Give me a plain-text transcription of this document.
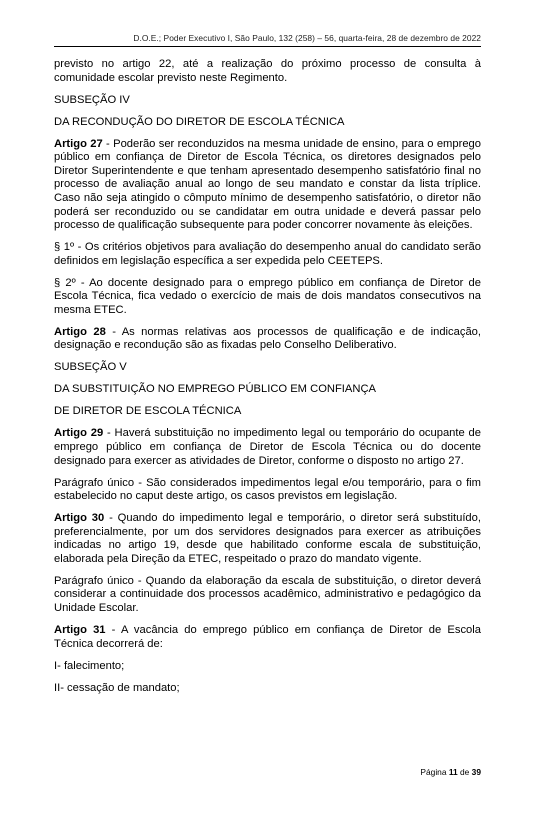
D.O.E.; Poder Executivo I, São Paulo, 132 (258) – 56, quarta-feira, 28 de dezembro de 2022

previsto no artigo 22, até a realização do próximo processo de consulta à comunidade escolar previsto neste Regimento.

SUBSEÇÃO IV

DA RECONDUÇÃO DO DIRETOR DE ESCOLA TÉCNICA

Artigo 27 - Poderão ser reconduzidos na mesma unidade de ensino, para o emprego público em confiança de Diretor de Escola Técnica, os diretores designados pelo Diretor Superintendente e que tenham apresentado desempenho satisfatório final no processo de avaliação anual ao longo de seu mandato e constar da lista tríplice. Caso não seja atingido o cômputo mínimo de desempenho satisfatório, o diretor não poderá ser reconduzido ou se candidatar em outra unidade e deverá passar pelo processo de qualificação subsequente para poder concorrer novamente às eleições.

§ 1º - Os critérios objetivos para avaliação do desempenho anual do candidato serão definidos em legislação específica a ser expedida pelo CEETEPS.

§ 2º - Ao docente designado para o emprego público em confiança de Diretor de Escola Técnica, fica vedado o exercício de mais de dois mandatos consecutivos na mesma ETEC.

Artigo 28 - As normas relativas aos processos de qualificação e de indicação, designação e recondução são as fixadas pelo Conselho Deliberativo.

SUBSEÇÃO V

DA SUBSTITUIÇÃO NO EMPREGO PÚBLICO EM CONFIANÇA

DE DIRETOR DE ESCOLA TÉCNICA

Artigo 29 - Haverá substituição no impedimento legal ou temporário do ocupante de emprego público em confiança de Diretor de Escola Técnica ou do docente designado para exercer as atividades de Diretor, conforme o disposto no artigo 27.

Parágrafo único - São considerados impedimentos legal e/ou temporário, para o fim estabelecido no caput deste artigo, os casos previstos em legislação.

Artigo 30 - Quando do impedimento legal e temporário, o diretor será substituído, preferencialmente, por um dos servidores designados para exercer as atribuições indicadas no artigo 19, desde que habilitado conforme escala de substituição, elaborada pela Direção da ETEC, respeitado o prazo do mandato vigente.

Parágrafo único - Quando da elaboração da escala de substituição, o diretor deverá considerar a continuidade dos processos acadêmico, administrativo e pedagógico da Unidade Escolar.

Artigo 31 - A vacância do emprego público em confiança de Diretor de Escola Técnica decorrerá de:

I- falecimento;

II- cessação de mandato;

Página 11 de 39
